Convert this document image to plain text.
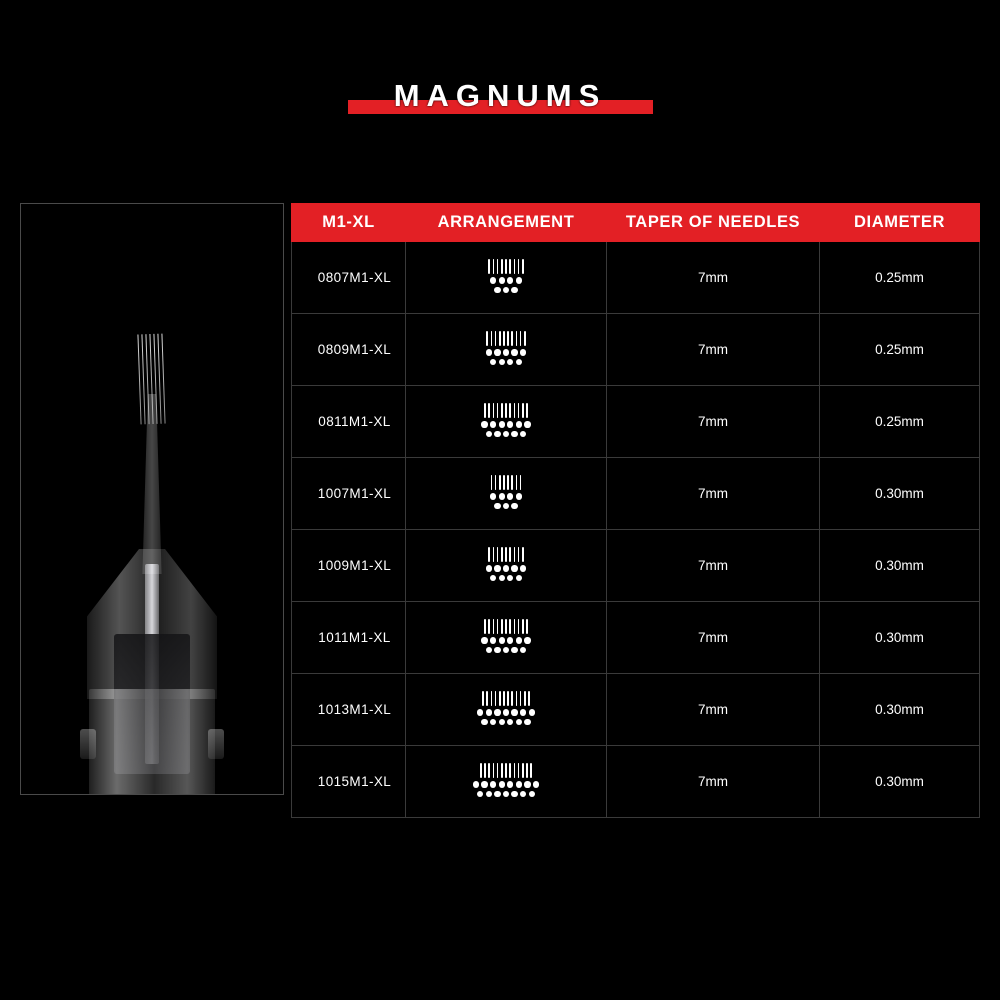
MAGNUMS
M1-XL	ARRANGEMENT	TAPER OF NEEDLES	DIAMETER
0807M1-XL		7mm	0.25mm
0809M1-XL		7mm	0.25mm
0811M1-XL		7mm	0.25mm
1007M1-XL		7mm	0.30mm
1009M1-XL		7mm	0.30mm
1011M1-XL		7mm	0.30mm
1013M1-XL		7mm	0.30mm
1015M1-XL		7mm	0.30mm
